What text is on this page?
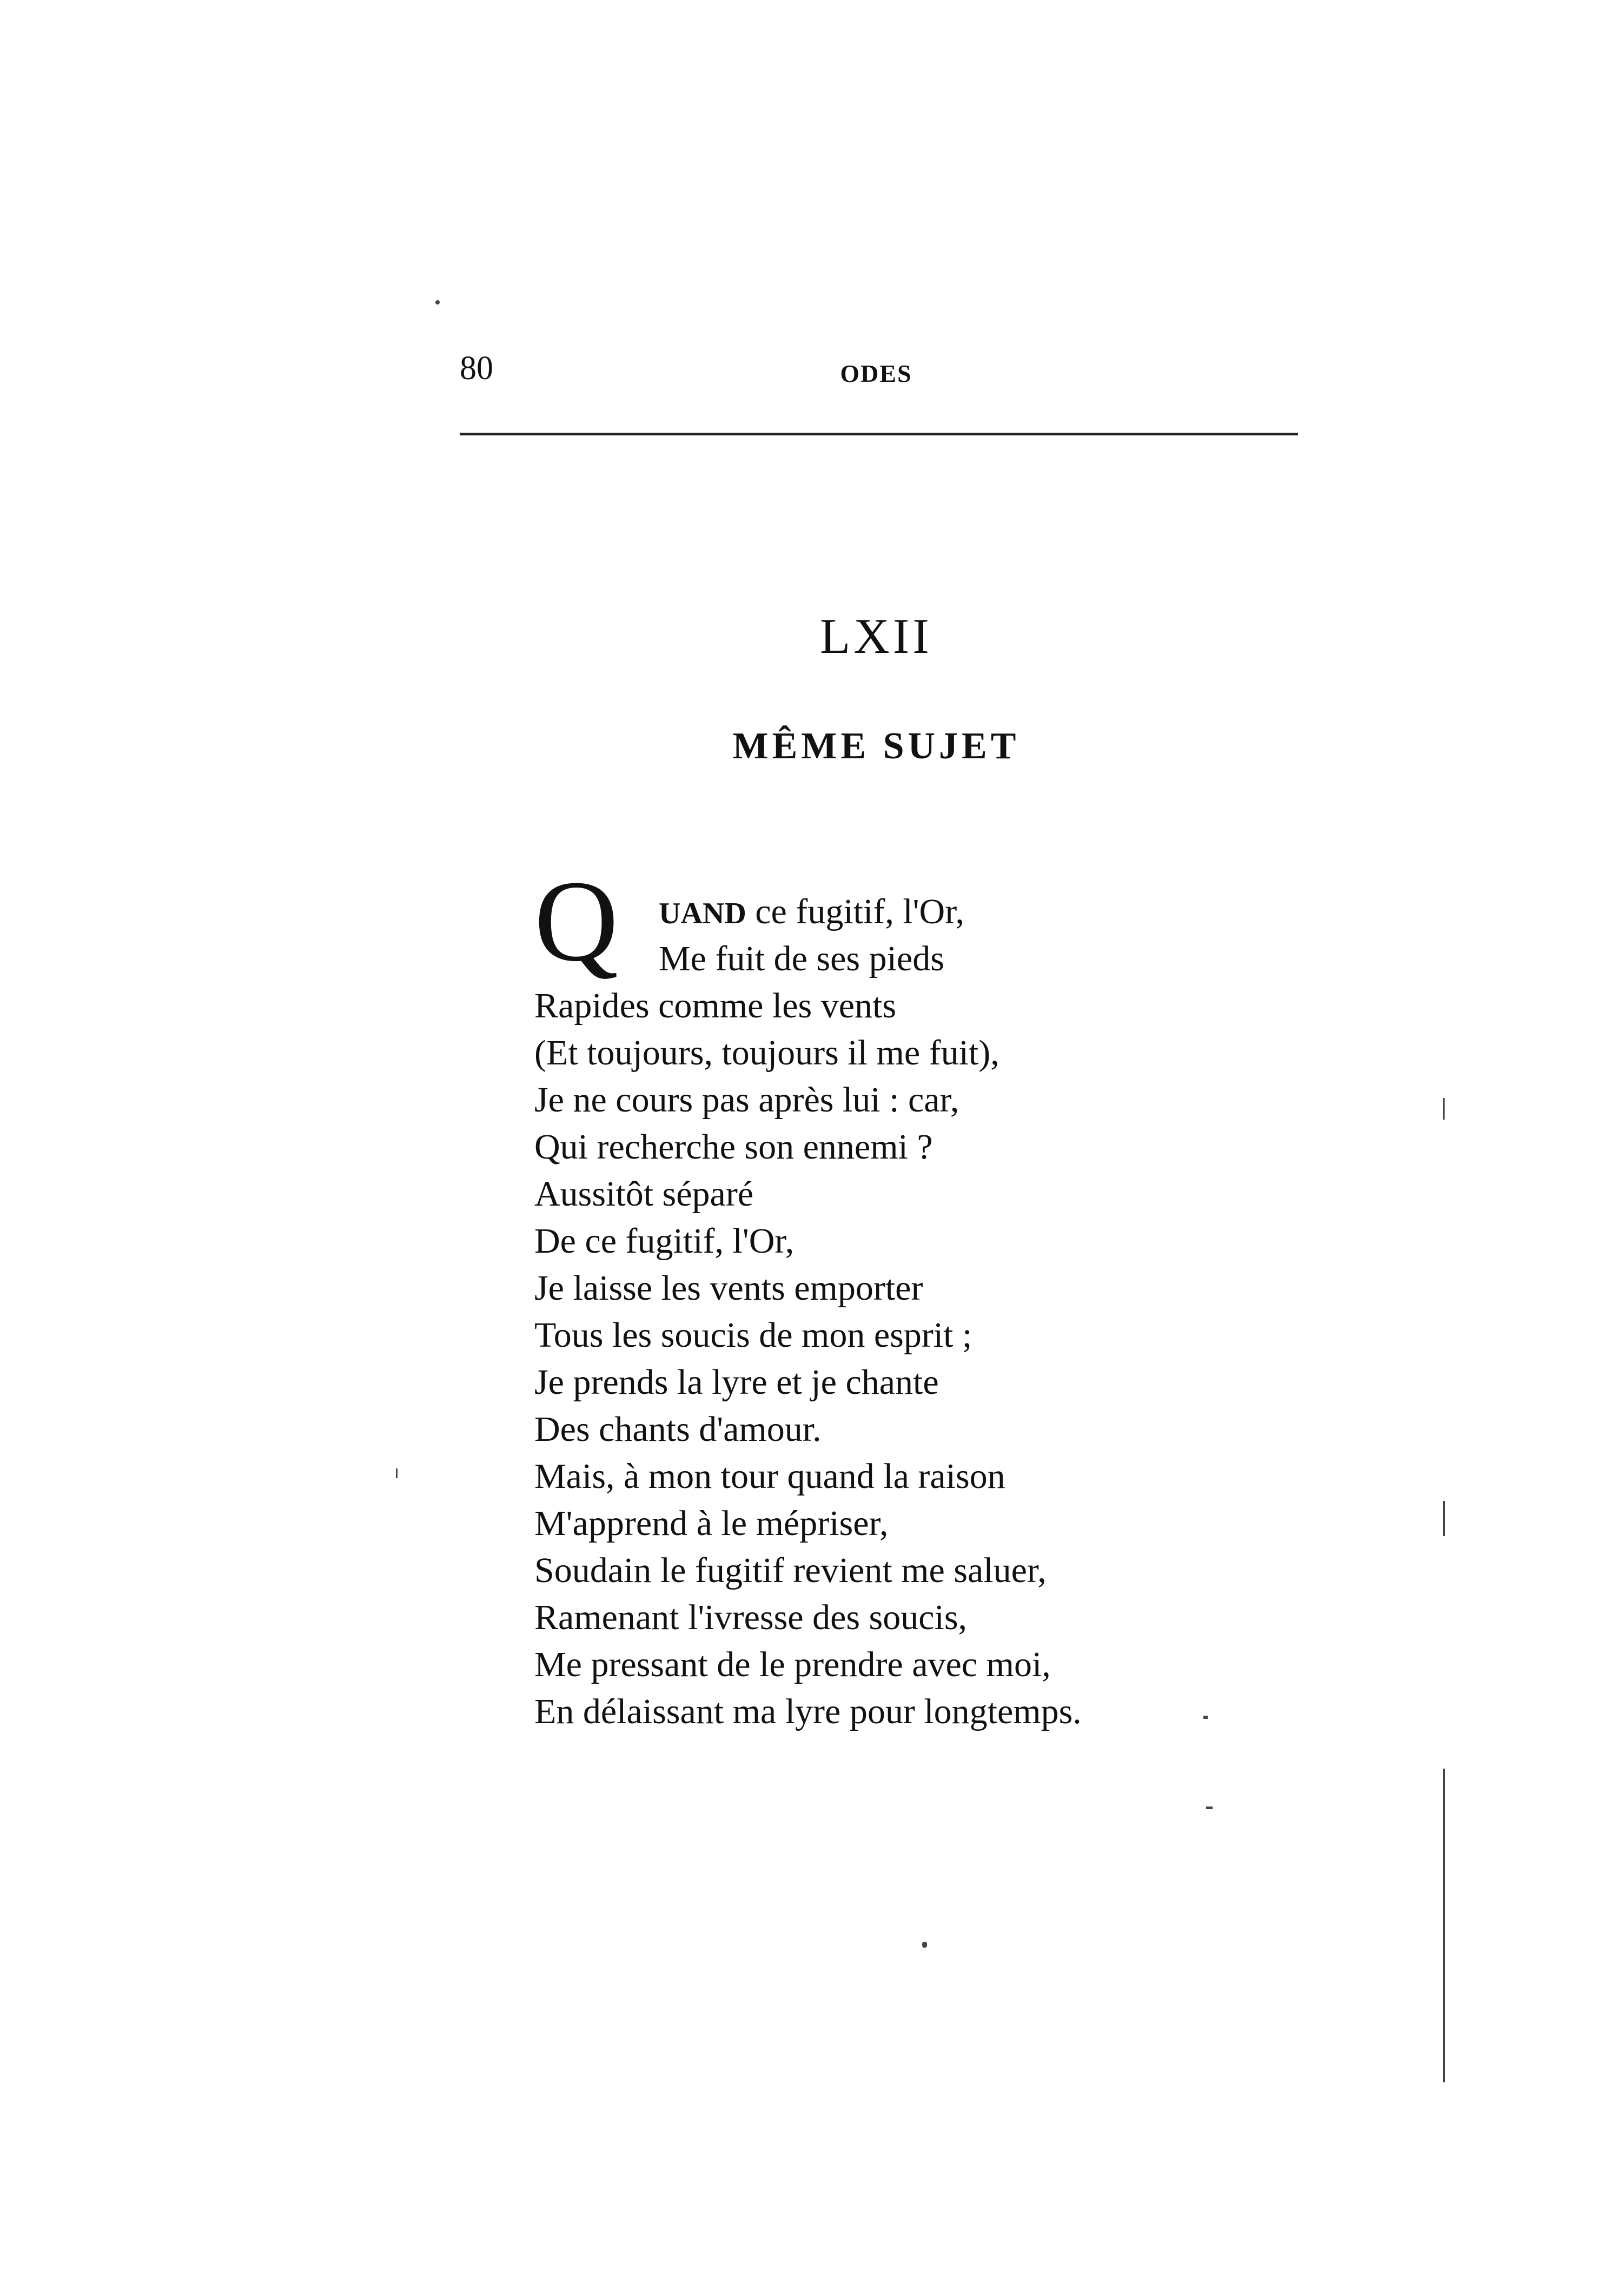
80	ODES
LXII
MÊME SUJET
Q UAND ce fugitif, l'Or,
Me fuit de ses pieds
Rapides comme les vents
(Et toujours, toujours il me fuit),
Je ne cours pas après lui : car,
Qui recherche son ennemi ?
Aussitôt séparé
De ce fugitif, l'Or,
Je laisse les vents emporter
Tous les soucis de mon esprit ;
Je prends la lyre et je chante
Des chants d'amour.
Mais, à mon tour quand la raison
M'apprend à le mépriser,
Soudain le fugitif revient me saluer,
Ramenant l'ivresse des soucis,
Me pressant de le prendre avec moi,
En délaissant ma lyre pour longtemps.
